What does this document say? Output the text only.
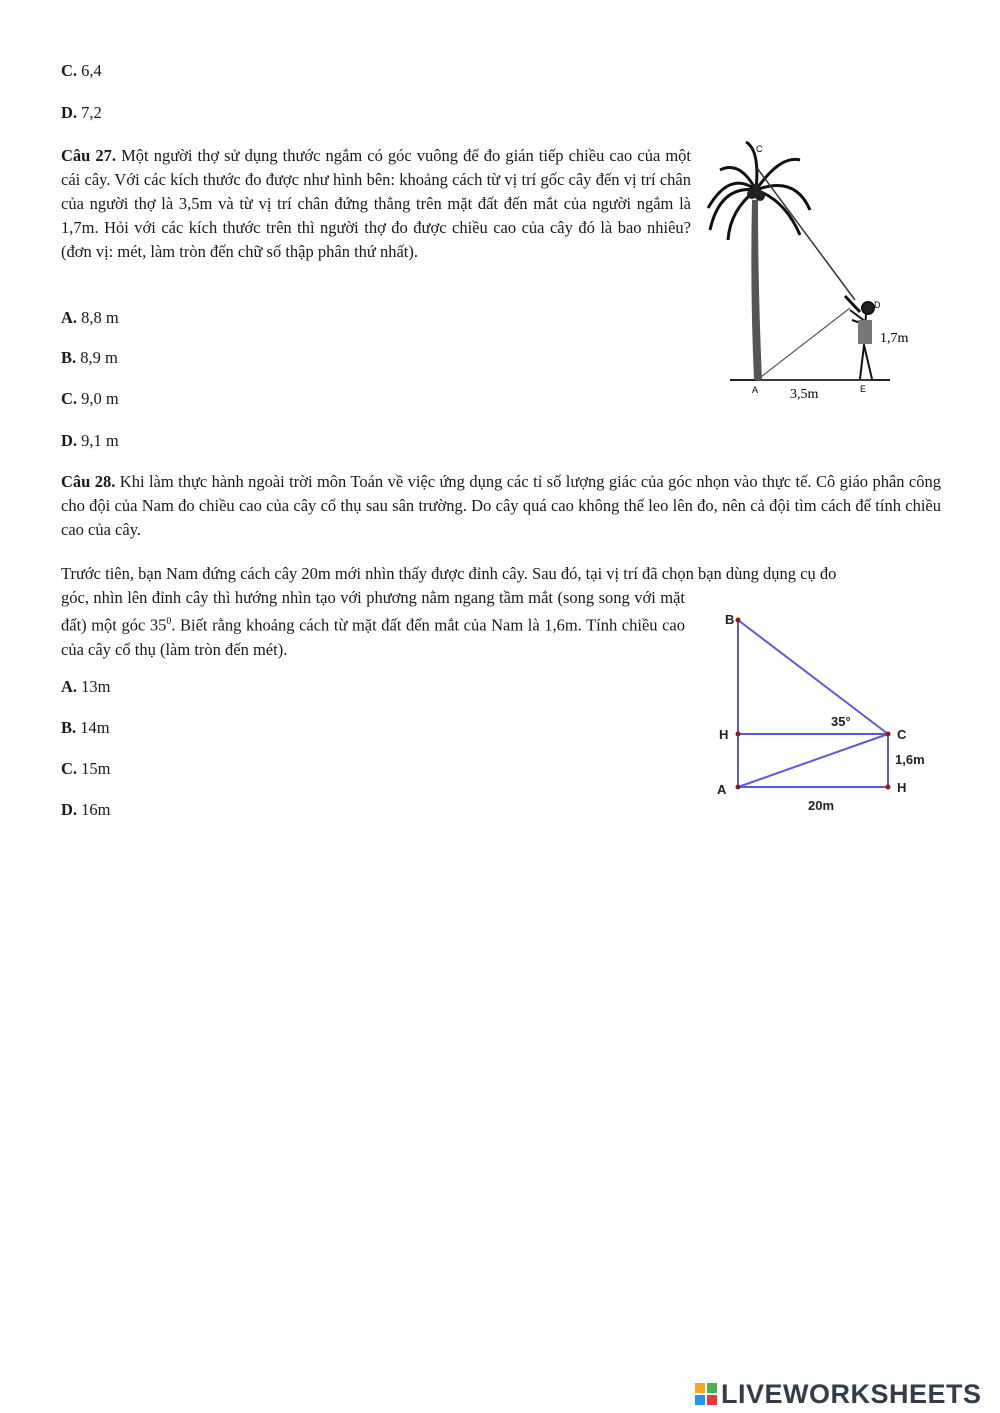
C. 6,4

D. 7,2

Câu 27. Một người thợ sử dụng thước ngắm có góc vuông để đo gián tiếp chiều cao của một cái cây. Với các kích thước đo được như hình bên: khoảng cách từ vị trí gốc cây đến vị trí chân của người thợ là 3,5m và từ vị trí chân đứng thẳng trên mặt đất đến mắt của người ngắm là 1,7m. Hỏi với các kích thước trên thì người thợ đo được chiều cao của cây đó là bao nhiêu? (đơn vị: mét, làm tròn đến chữ số thập phân thứ nhất).

A. 8,8 m

B. 8,9 m

C. 9,0 m

D. 9,1 m

C
D
A	E
1,7m
3,5m

Câu 28. Khi làm thực hành ngoài trời môn Toán về việc ứng dụng các tỉ số lượng giác của góc nhọn vào thực tế. Cô giáo phân công cho đội của Nam đo chiều cao của cây cổ thụ sau sân trường. Do cây quá cao không thể leo lên đo, nên cả đội tìm cách để tính chiều cao của cây.

Trước tiên, bạn Nam đứng cách cây 20m mới nhìn thấy được đỉnh cây. Sau đó, tại vị trí đã chọn bạn dùng dụng cụ đo

góc, nhìn lên đỉnh cây thì hướng nhìn tạo với phương nằm ngang tầm mắt (song song với mặt đất) một góc $35^0$. Biết rằng khoảng cách từ mặt đất đến mắt của Nam là 1,6m. Tính chiều cao của cây cổ thụ (làm tròn đến mét).

A. 13m

B. 14m

C. 15m

D. 16m

B
H	C
A	H
35°
1,6m
20m
LIVEWORKSHEETS
